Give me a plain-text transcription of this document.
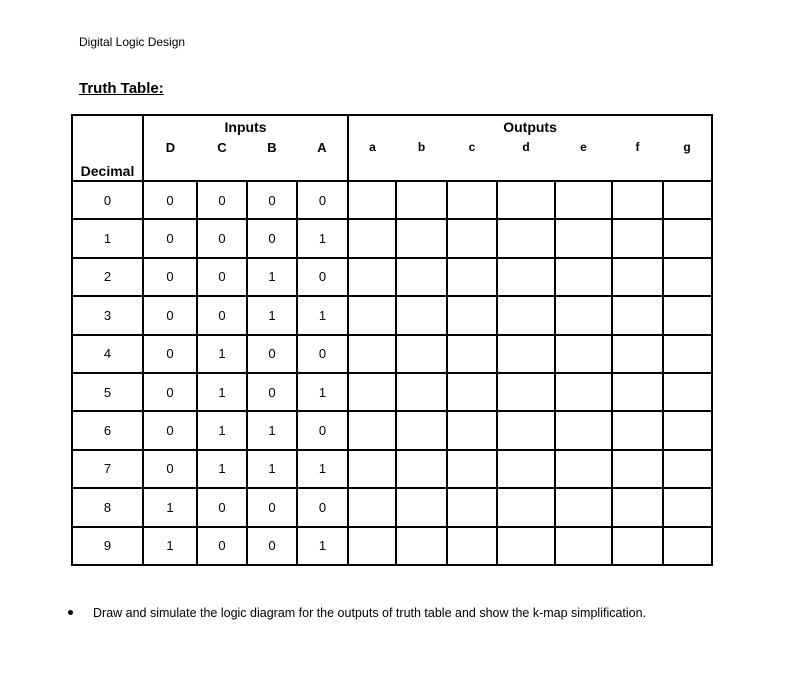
Digital Logic Design
Truth Table:
Decimal	Inputs				Outputs						
	D	C	B	A	a	b	c	d	e	f	g
0	0	0	0	0							
1	0	0	0	1							
2	0	0	1	0							
3	0	0	1	1							
4	0	1	0	0							
5	0	1	0	1							
6	0	1	1	0							
7	0	1	1	1							
8	1	0	0	0							
9	1	0	0	1							
Draw and simulate the logic diagram for the outputs of truth table and show the k-map simplification.
